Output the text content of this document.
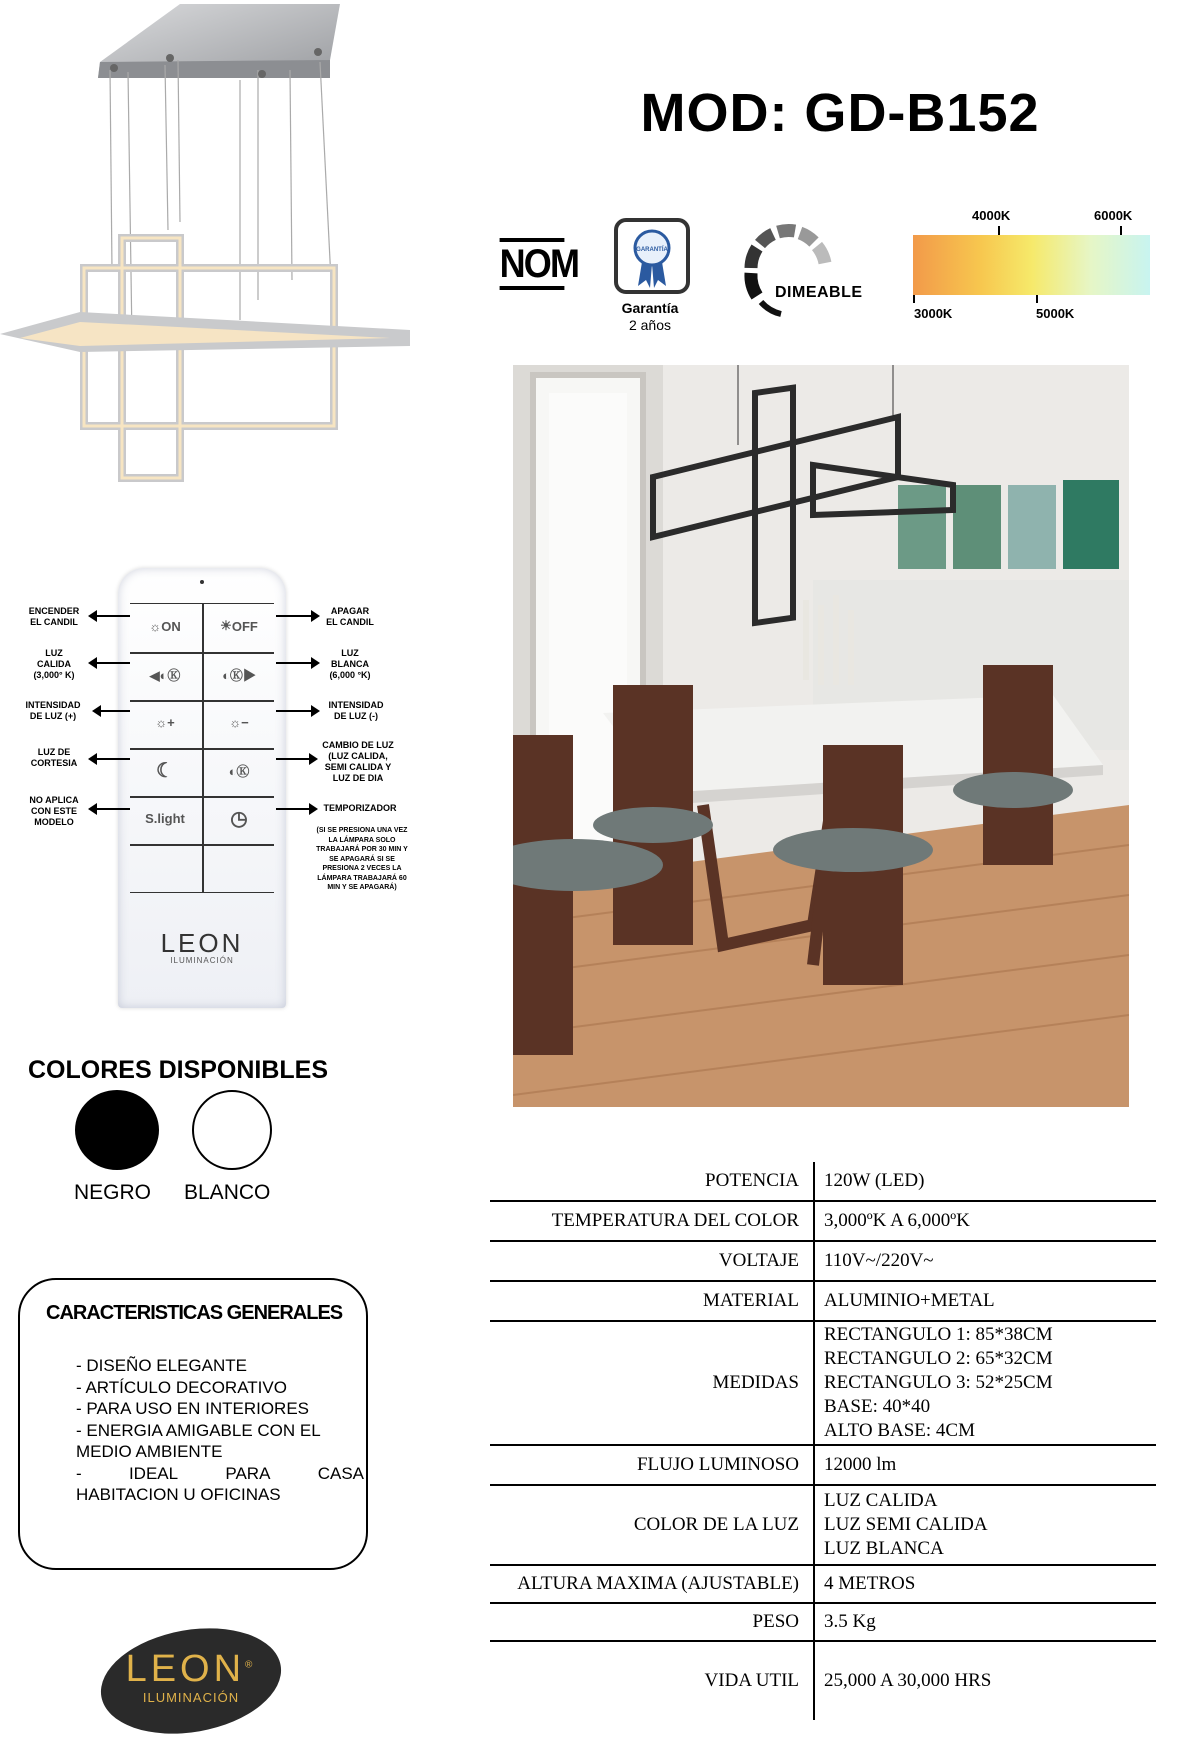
MOD: GD-B152
NOM	GARANTÍA
Garantía
2 años
DIMEABLE
4000K	6000K
3000K	5000K
☼ ON	☀ OFF
◀◐Ⓚ	◐Ⓚ▶
☼+	☼−
☾	◐Ⓚ
S.light ◷
LEON
ILUMINACIÓN
ENCENDER
EL CANDIL
LUZ
CALIDA
(3,000° K)
INTENSIDAD
DE LUZ (+)
LUZ DE
CORTESIA
NO APLICA
CON ESTE
MODELO
APAGAR
EL CANDIL
LUZ
BLANCA
(6,000 °K)
INTENSIDAD
DE LUZ (-)
CAMBIO DE LUZ
(LUZ CALIDA,
SEMI CALIDA Y
LUZ DE DIA
TEMPORIZADOR
(SI SE PRESIONA UNA VEZ
LA LÁMPARA SOLO
TRABAJARÁ POR 30 MIN Y
SE APAGARÁ SI SE
PRESIONA 2 VECES LA
LÁMPARA TRABAJARÁ 60
MIN Y SE APAGARÁ)
COLORES DISPONIBLES
NEGRO BLANCO
CARACTERISTICAS GENERALES
- DISEÑO ELEGANTE
- ARTÍCULO DECORATIVO
- PARA USO EN INTERIORES
- ENERGIA AMIGABLE CON EL
MEDIO AMBIENTE
-	IDEAL	PARA	CASA
HABITACION U OFICINAS
LEON®
ILUMINACIÓN
POTENCIA	120W (LED)
TEMPERATURA DEL COLOR	3,000ºK A 6,000ºK
VOLTAJE	110V~/220V~
MATERIAL	ALUMINIO+METAL
MEDIDAS
RECTANGULO 1: 85*38CM
RECTANGULO 2: 65*32CM
RECTANGULO 3: 52*25CM
BASE: 40*40
ALTO BASE: 4CM
FLUJO LUMINOSO	12000 lm
COLOR DE LA LUZ
LUZ CALIDA
LUZ SEMI CALIDA
LUZ BLANCA
ALTURA MAXIMA (AJUSTABLE)	4 METROS
PESO	3.5 Kg
VIDA UTIL	25,000 A 30,000 HRS
